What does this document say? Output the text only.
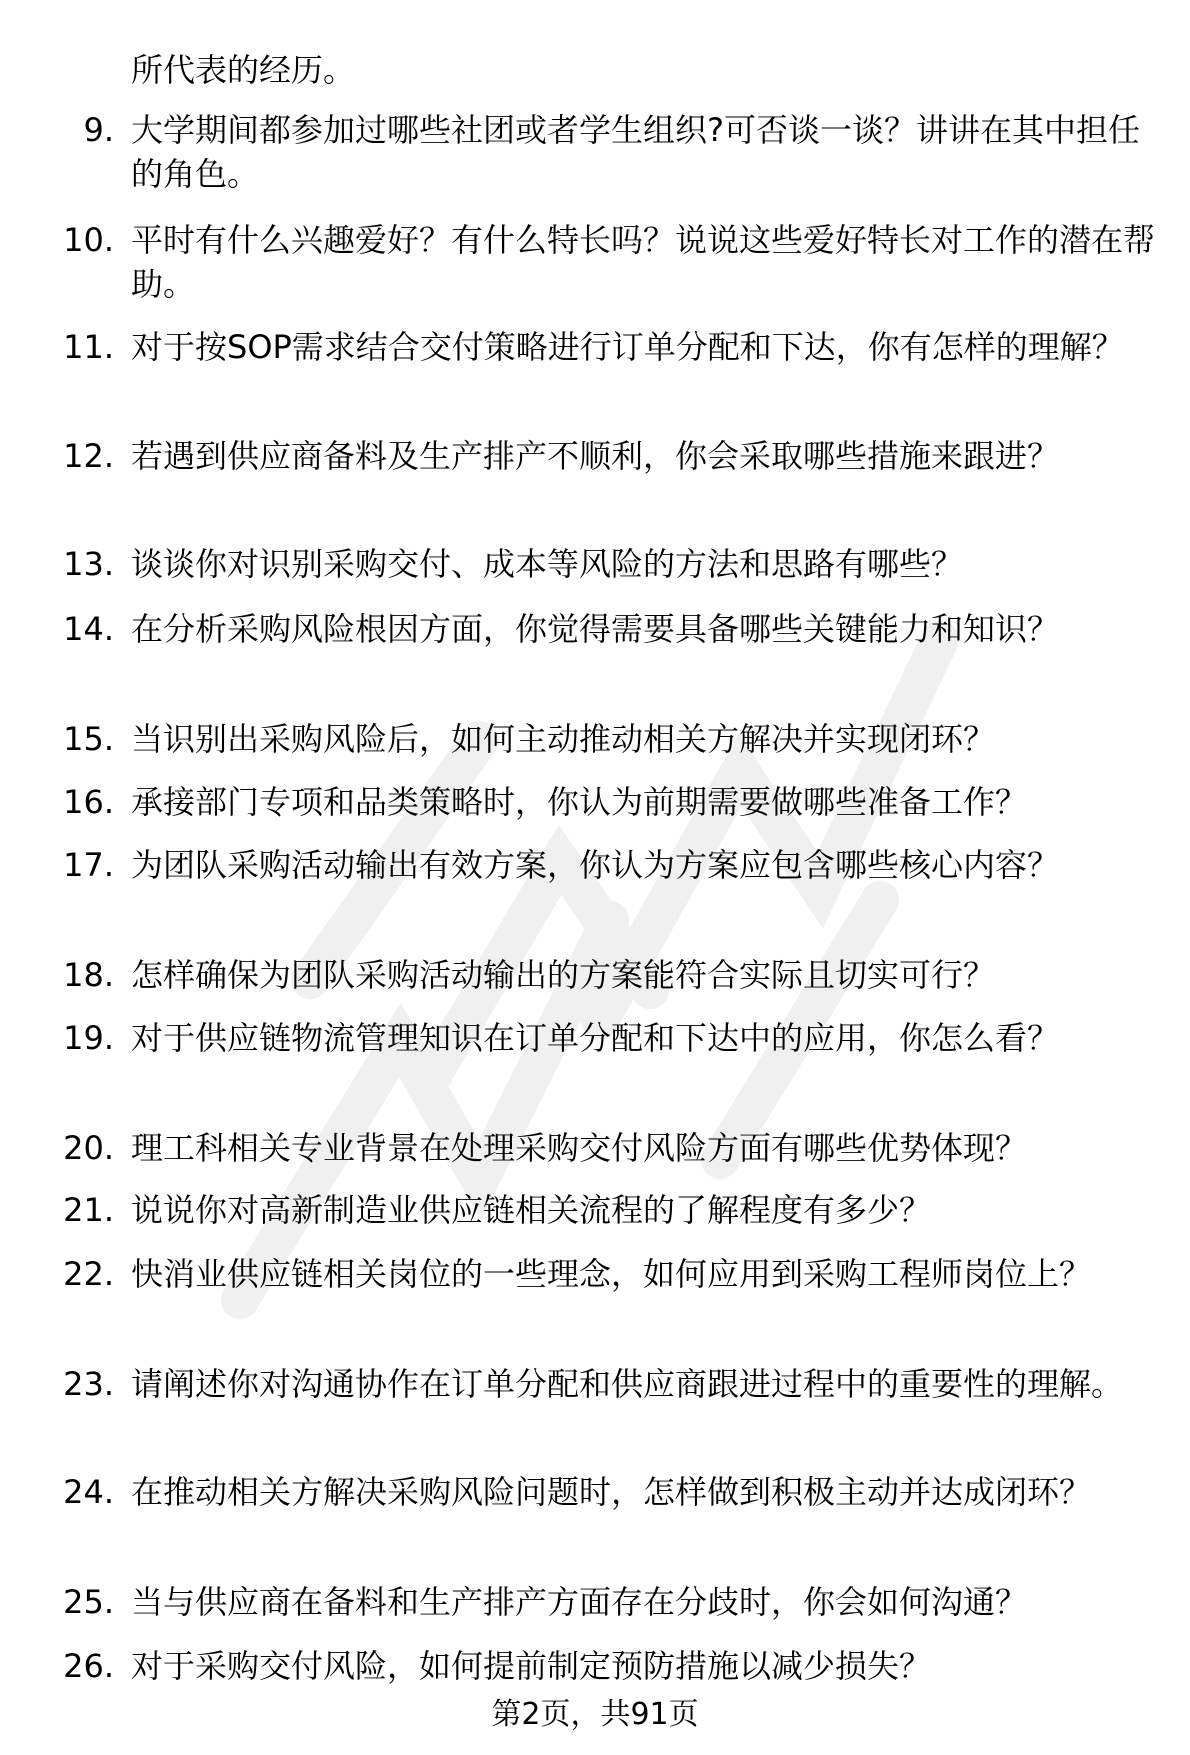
所代表的经历。
9. 大学期间都参加过哪些社团或者学生组织?可否谈一谈？讲讲在其中担任的角色。
10. 平时有什么兴趣爱好？有什么特长吗？说说这些爱好特长对工作的潜在帮助。
11. 对于按SOP需求结合交付策略进行订单分配和下达，你有怎样的理解？
12. 若遇到供应商备料及生产排产不顺利，你会采取哪些措施来跟进？
13. 谈谈你对识别采购交付、成本等风险的方法和思路有哪些？
14. 在分析采购风险根因方面，你觉得需要具备哪些关键能力和知识？
15. 当识别出采购风险后，如何主动推动相关方解决并实现闭环？
16. 承接部门专项和品类策略时，你认为前期需要做哪些准备工作？
17. 为团队采购活动输出有效方案，你认为方案应包含哪些核心内容？
18. 怎样确保为团队采购活动输出的方案能符合实际且切实可行？
19. 对于供应链物流管理知识在订单分配和下达中的应用，你怎么看？
20. 理工科相关专业背景在处理采购交付风险方面有哪些优势体现？
21. 说说你对高新制造业供应链相关流程的了解程度有多少？
22. 快消业供应链相关岗位的一些理念，如何应用到采购工程师岗位上？
23. 请阐述你对沟通协作在订单分配和供应商跟进过程中的重要性的理解。
24. 在推动相关方解决采购风险问题时，怎样做到积极主动并达成闭环？
25. 当与供应商在备料和生产排产方面存在分歧时，你会如何沟通？
26. 对于采购交付风险，如何提前制定预防措施以减少损失？
第2页，共91页
